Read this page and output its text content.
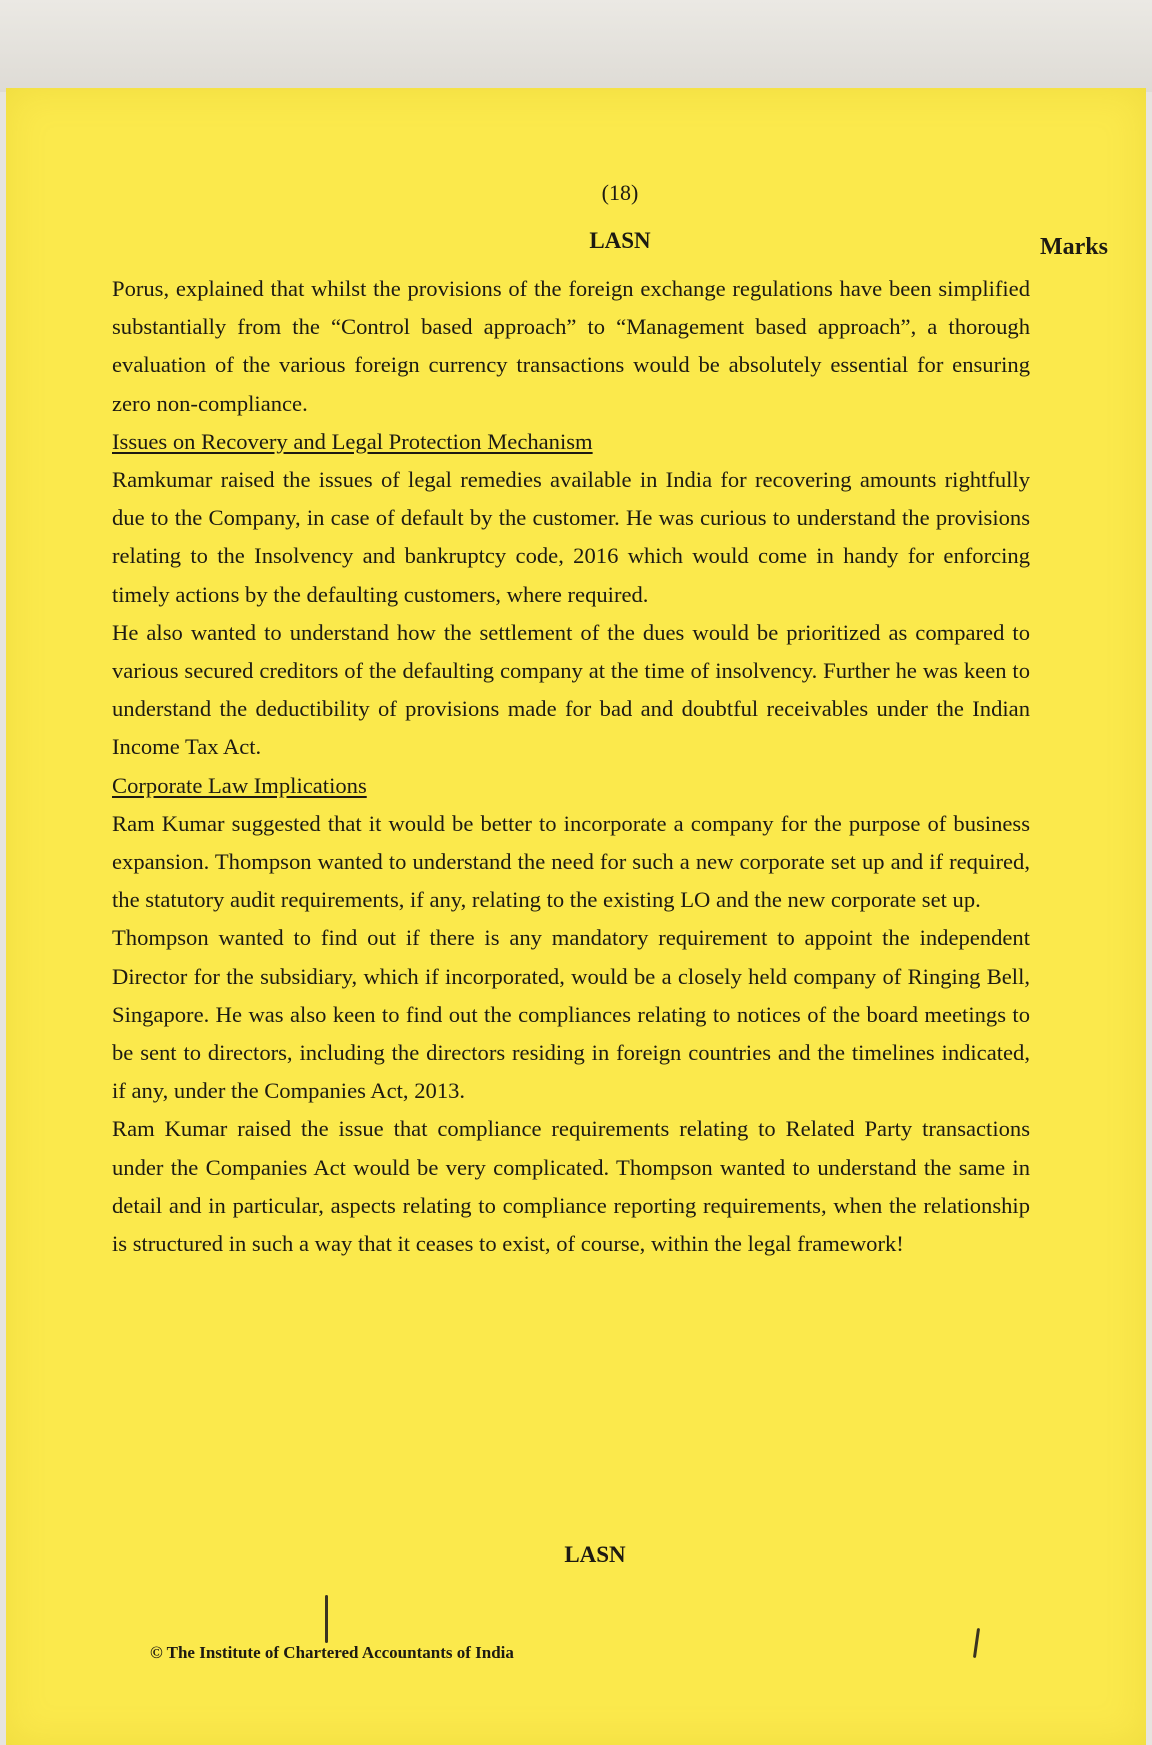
(18)
LASN	Marks

Porus, explained that whilst the provisions of the foreign exchange regulations have been simplified substantially from the “Control based approach” to “Management based approach”, a thorough evaluation of the various foreign currency transactions would be absolutely essential for ensuring zero non-compliance.

Issues on Recovery and Legal Protection Mechanism

Ramkumar raised the issues of legal remedies available in India for recovering amounts rightfully due to the Company, in case of default by the customer. He was curious to understand the provisions relating to the Insolvency and bankruptcy code, 2016 which would come in handy for enforcing timely actions by the defaulting customers, where required.

He also wanted to understand how the settlement of the dues would be prioritized as compared to various secured creditors of the defaulting company at the time of insolvency. Further he was keen to understand the deductibility of provisions made for bad and doubtful receivables under the Indian Income Tax Act.

Corporate Law Implications

Ram Kumar suggested that it would be better to incorporate a company for the purpose of business expansion. Thompson wanted to understand the need for such a new corporate set up and if required, the statutory audit requirements, if any, relating to the existing LO and the new corporate set up.

Thompson wanted to find out if there is any mandatory requirement to appoint the independent Director for the subsidiary, which if incorporated, would be a closely held company of Ringing Bell, Singapore. He was also keen to find out the compliances relating to notices of the board meetings to be sent to directors, including the directors residing in foreign countries and the timelines indicated, if any, under the Companies Act, 2013.

Ram Kumar raised the issue that compliance requirements relating to Related Party transactions under the Companies Act would be very complicated. Thompson wanted to understand the same in detail and in particular, aspects relating to compliance reporting requirements, when the relationship is structured in such a way that it ceases to exist, of course, within the legal framework!

LASN
© The Institute of Chartered Accountants of India
